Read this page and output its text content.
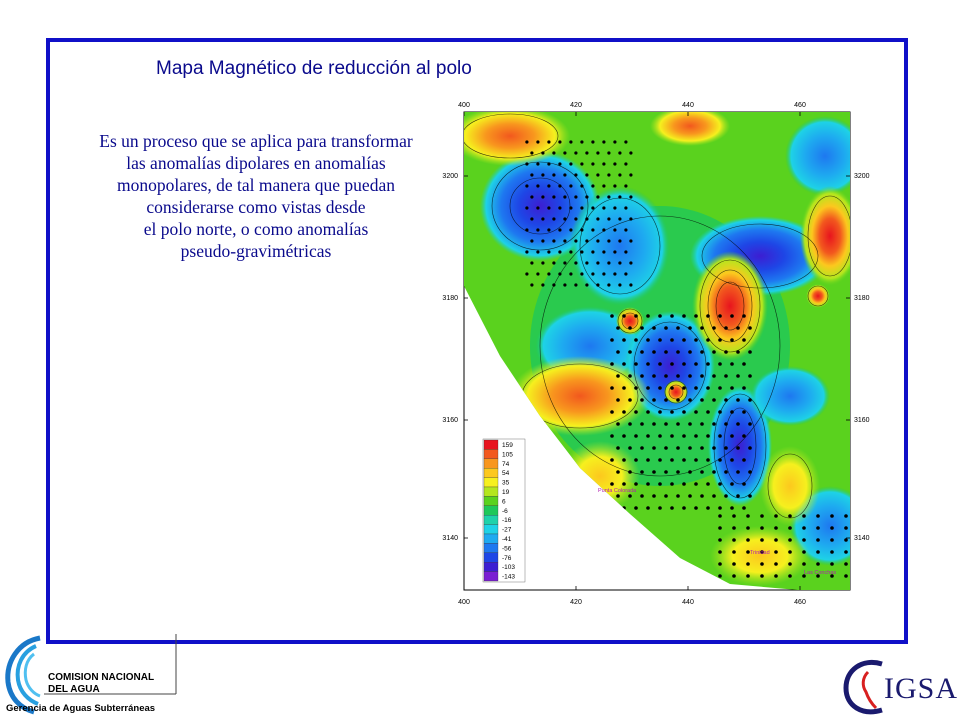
Mapa Magnético de reducción al polo
Es un proceso que se aplica para transformar
las anomalías dipolares en anomalías
monopolares, de tal manera que puedan
considerarse como vistas desde
el polo norte, o como anomalías
pseudo-gravimétricas
400
400
420
420
440
440
460
460
3200	3200
3180	3180
3160	3160
3140	3140
159
105
74
54
35
19
6
-6
-16
-27
-41
-56
-76
-103
-143
Punta Colorada
Trinidad
Las Conchas
COMISION NACIONAL
DEL AGUA
Gerencia de Aguas Subterráneas
IGSA
